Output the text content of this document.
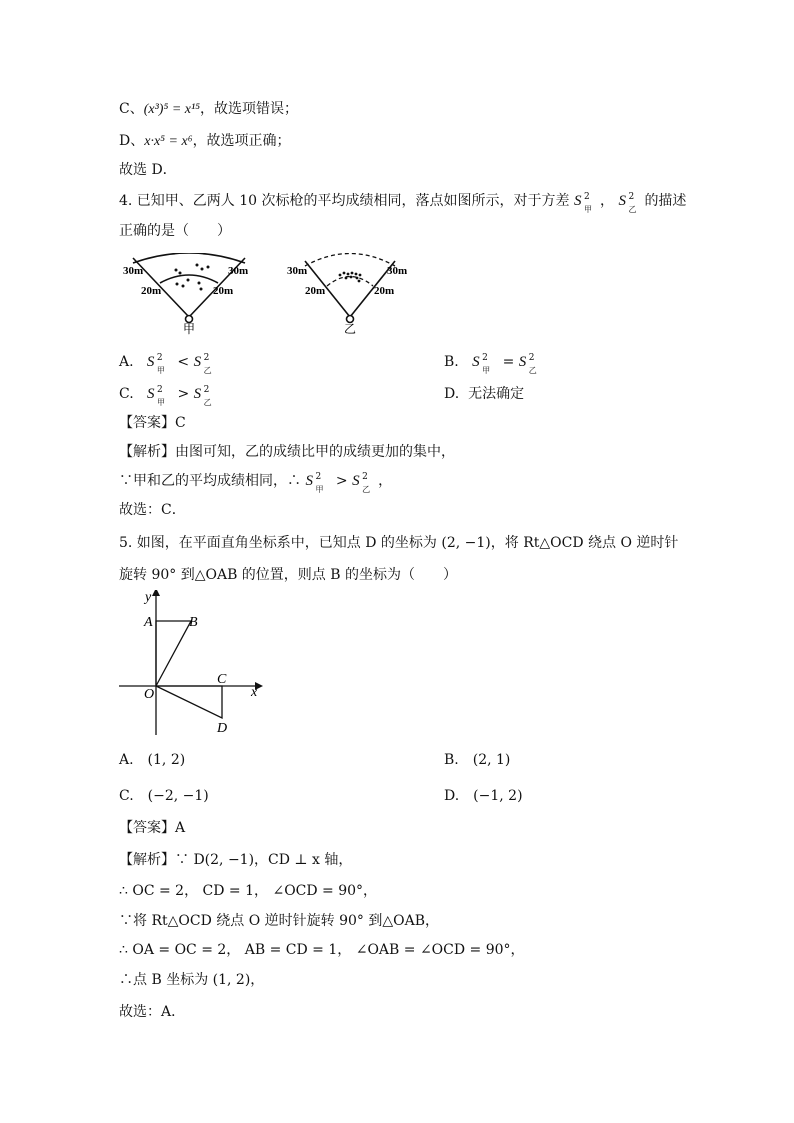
C、(x³)⁵ = x¹⁵，故选项错误；
D、x·x⁵ = x⁶，故选项正确；
故选 D．
4. 已知甲、乙两人 10 次标枪的平均成绩相同，落点如图所示，对于方差 S 2
甲
， S 2
乙
的描述
正确的是（　　）
30m	30m
20m	20m
甲
30m	30m
20m	20m
乙
A. S 2
甲
< S 2
乙
B. S 2
甲
= S 2
乙
C. S 2
甲
> S 2
乙
D. 无法确定
【答案】C
【解析】由图可知，乙的成绩比甲的成绩更加的集中，
∵甲和乙的平均成绩相同，∴ S 2
甲
> S 2
乙
，
故选：C．
5. 如图，在平面直角坐标系中，已知点 D 的坐标为 (2, −1)，将 Rt△OCD 绕点 O 逆时针
旋转 90° 到△OAB 的位置，则点 B 的坐标为（　　）
y
x
A	B
C
D
O
A.　(1, 2)	B.　(2, 1)
C.　(−2, −1)	D.　(−1, 2)
【答案】A
【解析】∵ D(2, −1)，CD ⊥ x 轴，
∴ OC = 2， CD = 1， ∠OCD = 90°，
∵将 Rt△OCD 绕点 O 逆时针旋转 90° 到△OAB，
∴ OA = OC = 2， AB = CD = 1， ∠OAB = ∠OCD = 90°，
∴点 B 坐标为 (1, 2)，
故选：A．
